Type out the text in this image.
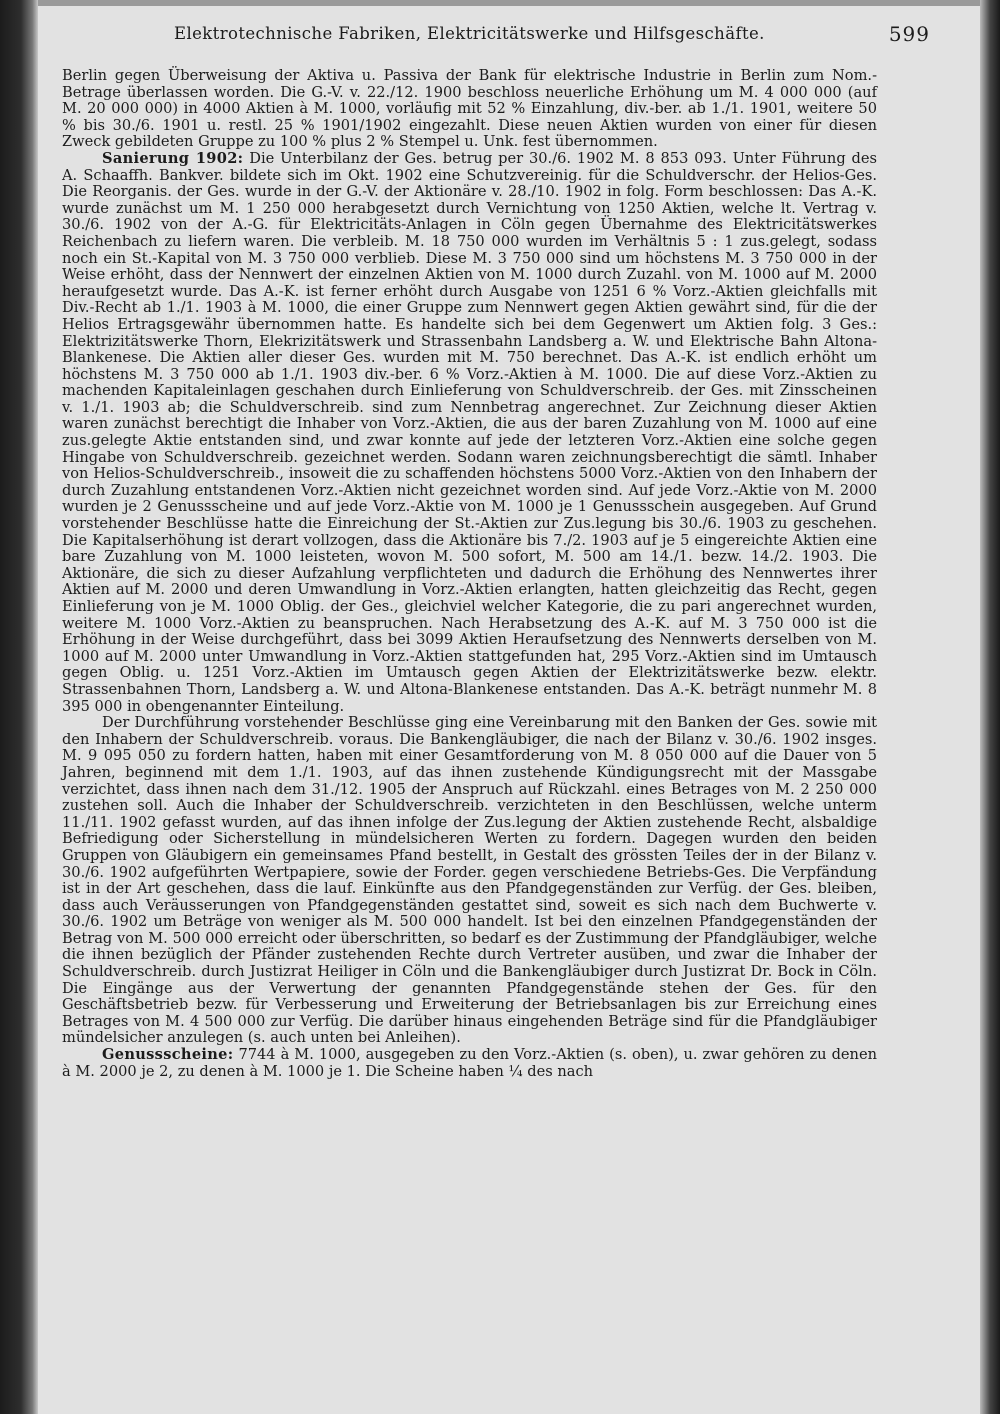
Elektrotechnische Fabriken, Elektricitätswerke und Hilfsgeschäfte.	599

Berlin gegen Überweisung der Aktiva u. Passiva der Bank für elektrische Industrie in Berlin zum Nom.-Betrage überlassen worden. Die G.-V. v. 22./12. 1900 beschloss neuerliche Erhöhung um M. 4 000 000 (auf M. 20 000 000) in 4000 Aktien à M. 1000, vorläufig mit 52 % Einzahlung, div.-ber. ab 1./1. 1901, weitere 50 % bis 30./6. 1901 u. restl. 25 % 1901/1902 eingezahlt. Diese neuen Aktien wurden von einer für diesen Zweck gebildeten Gruppe zu 100 % plus 2 % Stempel u. Unk. fest übernommen.

Sanierung 1902: Die Unterbilanz der Ges. betrug per 30./6. 1902 M. 8 853 093. Unter Führung des A. Schaaffh. Bankver. bildete sich im Okt. 1902 eine Schutzvereinig. für die Schuldverschr. der Helios-Ges. Die Reorganis. der Ges. wurde in der G.-V. der Aktionäre v. 28./10. 1902 in folg. Form beschlossen: Das A.-K. wurde zunächst um M. 1 250 000 herabgesetzt durch Vernichtung von 1250 Aktien, welche lt. Vertrag v. 30./6. 1902 von der A.-G. für Elektricitäts-Anlagen in Cöln gegen Übernahme des Elektricitätswerkes Reichenbach zu liefern waren. Die verbleib. M. 18 750 000 wurden im Verhältnis 5 : 1 zus.gelegt, sodass noch ein St.-Kapital von M. 3 750 000 verblieb. Diese M. 3 750 000 sind um höchstens M. 3 750 000 in der Weise erhöht, dass der Nennwert der einzelnen Aktien von M. 1000 durch Zuzahl. von M. 1000 auf M. 2000 heraufgesetzt wurde. Das A.-K. ist ferner erhöht durch Ausgabe von 1251 6 % Vorz.-Aktien gleichfalls mit Div.-Recht ab 1./1. 1903 à M. 1000, die einer Gruppe zum Nennwert gegen Aktien gewährt sind, für die der Helios Ertragsgewähr übernommen hatte. Es handelte sich bei dem Gegenwert um Aktien folg. 3 Ges.: Elektrizitätswerke Thorn, Elekrizitätswerk und Strassenbahn Landsberg a. W. und Elektrische Bahn Altona-Blankenese. Die Aktien aller dieser Ges. wurden mit M. 750 berechnet. Das A.-K. ist endlich erhöht um höchstens M. 3 750 000 ab 1./1. 1903 div.-ber. 6 % Vorz.-Aktien à M. 1000. Die auf diese Vorz.-Aktien zu machenden Kapitaleinlagen geschahen durch Einlieferung von Schuldverschreib. der Ges. mit Zinsscheinen v. 1./1. 1903 ab; die Schuldverschreib. sind zum Nennbetrag angerechnet. Zur Zeichnung dieser Aktien waren zunächst berechtigt die Inhaber von Vorz.-Aktien, die aus der baren Zuzahlung von M. 1000 auf eine zus.gelegte Aktie entstanden sind, und zwar konnte auf jede der letzteren Vorz.-Aktien eine solche gegen Hingabe von Schuldverschreib. gezeichnet werden. Sodann waren zeichnungsberechtigt die sämtl. Inhaber von Helios-Schuldverschreib., insoweit die zu schaffenden höchstens 5000 Vorz.-Aktien von den Inhabern der durch Zuzahlung entstandenen Vorz.-Aktien nicht gezeichnet worden sind. Auf jede Vorz.-Aktie von M. 2000 wurden je 2 Genussscheine und auf jede Vorz.-Aktie von M. 1000 je 1 Genussschein ausgegeben. Auf Grund vorstehender Beschlüsse hatte die Einreichung der St.-Aktien zur Zus.legung bis 30./6. 1903 zu geschehen. Die Kapitalserhöhung ist derart vollzogen, dass die Aktionäre bis 7./2. 1903 auf je 5 eingereichte Aktien eine bare Zuzahlung von M. 1000 leisteten, wovon M. 500 sofort, M. 500 am 14./1. bezw. 14./2. 1903. Die Aktionäre, die sich zu dieser Aufzahlung verpflichteten und dadurch die Erhöhung des Nennwertes ihrer Aktien auf M. 2000 und deren Umwandlung in Vorz.-Aktien erlangten, hatten gleichzeitig das Recht, gegen Einlieferung von je M. 1000 Oblig. der Ges., gleichviel welcher Kategorie, die zu pari angerechnet wurden, weitere M. 1000 Vorz.-Aktien zu beanspruchen. Nach Herabsetzung des A.-K. auf M. 3 750 000 ist die Erhöhung in der Weise durchgeführt, dass bei 3099 Aktien Heraufsetzung des Nennwerts derselben von M. 1000 auf M. 2000 unter Umwandlung in Vorz.-Aktien stattgefunden hat, 295 Vorz.-Aktien sind im Umtausch gegen Oblig. u. 1251 Vorz.-Aktien im Umtausch gegen Aktien der Elektrizitätswerke bezw. elektr. Strassenbahnen Thorn, Landsberg a. W. und Altona-Blankenese entstanden. Das A.-K. beträgt nunmehr M. 8 395 000 in obengenannter Einteilung.

Der Durchführung vorstehender Beschlüsse ging eine Vereinbarung mit den Banken der Ges. sowie mit den Inhabern der Schuldverschreib. voraus. Die Bankengläubiger, die nach der Bilanz v. 30./6. 1902 insges. M. 9 095 050 zu fordern hatten, haben mit einer Gesamtforderung von M. 8 050 000 auf die Dauer von 5 Jahren, beginnend mit dem 1./1. 1903, auf das ihnen zustehende Kündigungsrecht mit der Massgabe verzichtet, dass ihnen nach dem 31./12. 1905 der Anspruch auf Rückzahl. eines Betrages von M. 2 250 000 zustehen soll. Auch die Inhaber der Schuldverschreib. verzichteten in den Beschlüssen, welche unterm 11./11. 1902 gefasst wurden, auf das ihnen infolge der Zus.legung der Aktien zustehende Recht, alsbaldige Befriedigung oder Sicherstellung in mündelsicheren Werten zu fordern. Dagegen wurden den beiden Gruppen von Gläubigern ein gemeinsames Pfand bestellt, in Gestalt des grössten Teiles der in der Bilanz v. 30./6. 1902 aufgeführten Wertpapiere, sowie der Forder. gegen verschiedene Betriebs-Ges. Die Verpfändung ist in der Art geschehen, dass die lauf. Einkünfte aus den Pfandgegenständen zur Verfüg. der Ges. bleiben, dass auch Veräusserungen von Pfandgegenständen gestattet sind, soweit es sich nach dem Buchwerte v. 30./6. 1902 um Beträge von weniger als M. 500 000 handelt. Ist bei den einzelnen Pfandgegenständen der Betrag von M. 500 000 erreicht oder überschritten, so bedarf es der Zustimmung der Pfandgläubiger, welche die ihnen bezüglich der Pfänder zustehenden Rechte durch Vertreter ausüben, und zwar die Inhaber der Schuldverschreib. durch Justizrat Heiliger in Cöln und die Bankengläubiger durch Justizrat Dr. Bock in Cöln. Die Eingänge aus der Verwertung der genannten Pfandgegenstände stehen der Ges. für den Geschäftsbetrieb bezw. für Verbesserung und Erweiterung der Betriebsanlagen bis zur Erreichung eines Betrages von M. 4 500 000 zur Verfüg. Die darüber hinaus eingehenden Beträge sind für die Pfandgläubiger mündelsicher anzulegen (s. auch unten bei Anleihen).

Genussscheine: 7744 à M. 1000, ausgegeben zu den Vorz.-Aktien (s. oben), u. zwar gehören zu denen à M. 2000 je 2, zu denen à M. 1000 je 1. Die Scheine haben ¼ des nach
